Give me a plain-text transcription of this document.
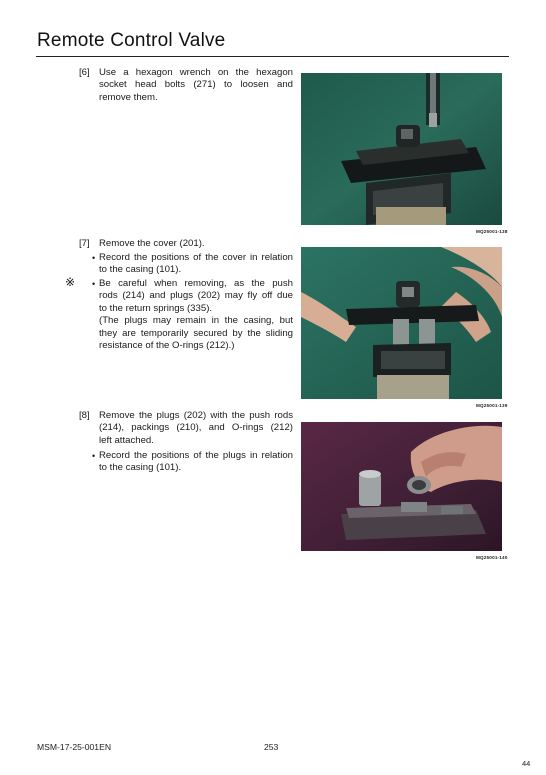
Remote Control Valve
[6] Use a hexagon wrench on the hexagon
socket head bolts (271) to loosen and
remove them.
MQ25001-138
[7] Remove the cover (201).
• Record the positions of the cover in relation
to the casing (101).
※ • Be careful when removing, as the push
rods (214) and plugs (202) may fly off due
to the return springs (335).
(The plugs may remain in the casing, but
they are temporarily secured by the sliding
resistance of the O-rings (212).)
MQ25001-139
[8] Remove the plugs (202) with the push rods
(214), packings (210), and O-rings (212)
left attached.
• Record the positions of the plugs in relation
to the casing (101).
MQ25001-140
MSM-17-25-001EN	253
44
